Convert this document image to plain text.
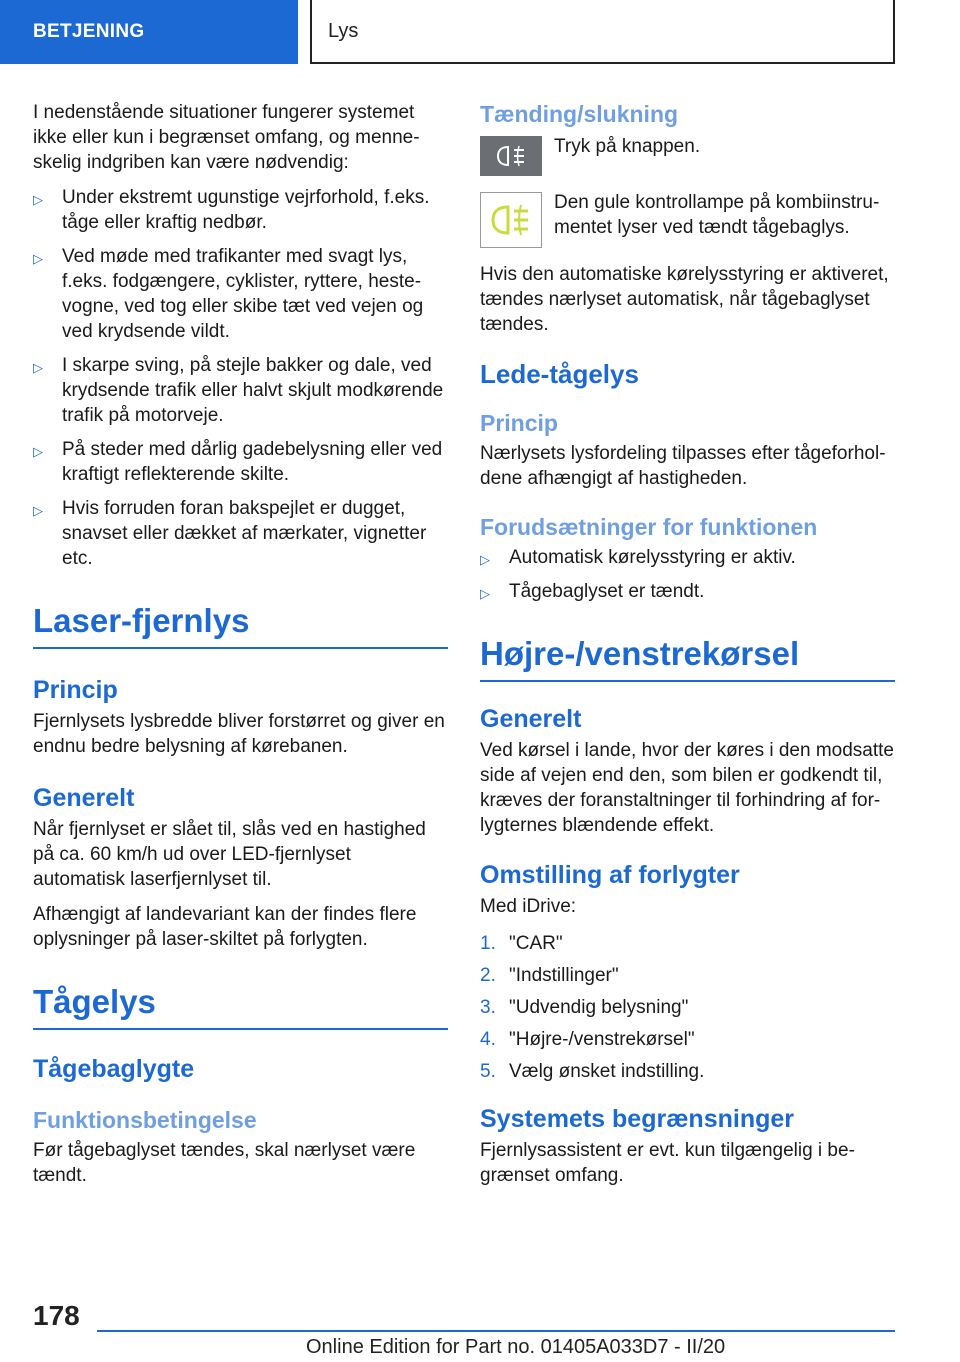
BETJENING	Lys

I nedenstående situationer fungerer systemet ikke eller kun i begrænset omfang, og menneskelig indgriben kan være nødvendig:

▷ Under ekstremt ugunstige vejrforhold, f.eks. tåge eller kraftig nedbør.
▷ Ved møde med trafikanter med svagt lys, f.eks. fodgængere, cyklister, ryttere, hestevogne, ved tog eller skibe tæt ved vejen og ved krydsende vildt.
▷ I skarpe sving, på stejle bakker og dale, ved krydsende trafik eller halvt skjult modkørende trafik på motorveje.
▷ På steder med dårlig gadebelysning eller ved kraftigt reflekterende skilte.
▷ Hvis forruden foran bakspejlet er dugget, snavset eller dækket af mærkater, vignetter etc.
Laser-fjernlys
Princip

Fjernlysets lysbredde bliver forstørret og giver en endnu bedre belysning af kørebanen.

Generelt

Når fjernlyset er slået til, slås ved en hastighed på ca. 60 km/h ud over LED-fjernlyset automatisk laserfjernlyset til.

Afhængigt af landevariant kan der findes flere oplysninger på laser-skiltet på forlygten.

Tågelys
Tågebaglygte
Funktionsbetingelse

Før tågebaglyset tændes, skal nærlyset være tændt.

Tænding/slukning
Tryk på knappen.
Den gule kontrollampe på kombiinstrumentet lyser ved tændt tågebaglys.

Hvis den automatiske kørelysstyring er aktiveret, tændes nærlyset automatisk, når tågebaglyset tændes.

Lede-tågelys
Princip

Nærlysets lysfordeling tilpasses efter tågeforholdene afhængigt af hastigheden.

Forudsætninger for funktionen
▷ Automatisk kørelysstyring er aktiv.
▷ Tågebaglyset er tændt.
Højre-/venstrekørsel
Generelt

Ved kørsel i lande, hvor der køres i den modsatte side af vejen end den, som bilen er godkendt til, kræves der foranstaltninger til forhindring af forlygternes blændende effekt.

Omstilling af forlygter

Med iDrive:

1. "CAR"
2. "Indstillinger"
3. "Udvendig belysning"
4. "Højre-/venstrekørsel"
5. Vælg ønsket indstilling.
Systemets begrænsninger

Fjernlysassistent er evt. kun tilgængelig i begrænset omfang.

178
Online Edition for Part no. 01405A033D7 - II/20
